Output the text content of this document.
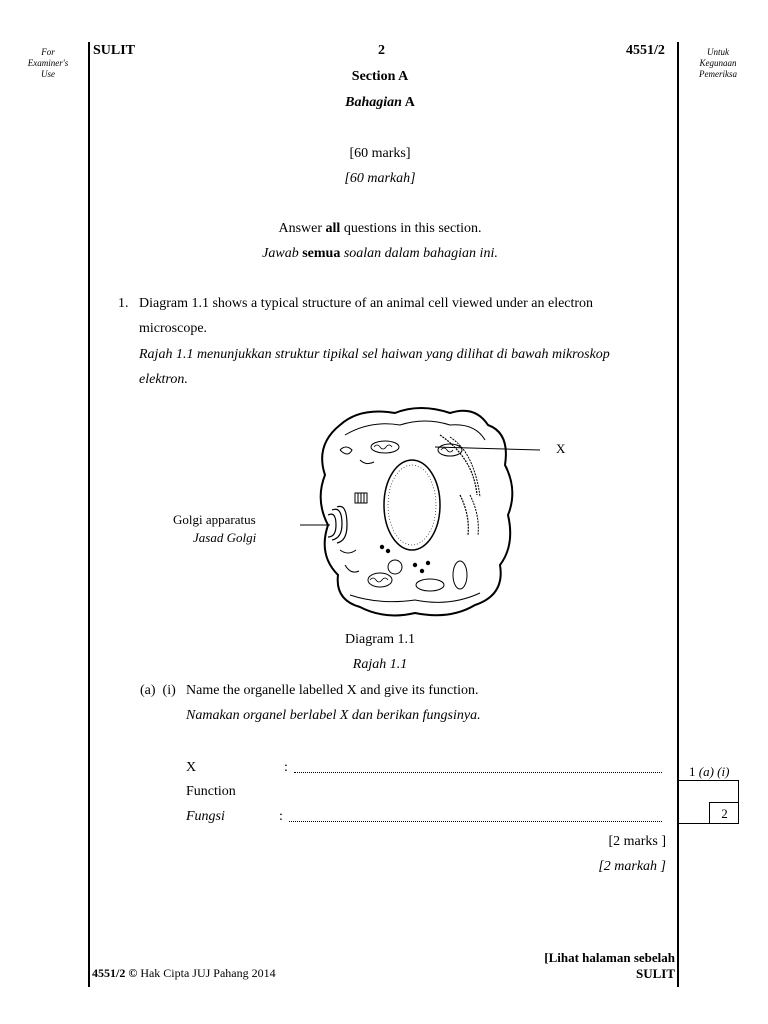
For
Examiner's
Use
Untuk
Kegunaan
Pemeriksa
SULIT	2	4551/2
Section A
Bahagian A
[60 marks]
[60 markah]
Answer all questions in this section.
Jawab semua soalan dalam bahagian ini.
1. Diagram 1.1 shows a typical structure of an animal cell viewed under an electron
microscope.
Rajah 1.1 menunjukkan struktur tipikal sel haiwan yang dilihat di bawah mikroskop
elektron.
X
Golgi apparatus
Jasad Golgi
Diagram 1.1
Rajah 1.1
(a)  (i) Name the organelle labelled X and give its function.
Namakan organel berlabel X dan berikan fungsinya.
X	:
Function
Fungsi	:
[2 marks ]
[2 markah ]
1 (a) (i)
2
[Lihat halaman sebelah
SULIT
4551/2 © Hak Cipta JUJ Pahang 2014
